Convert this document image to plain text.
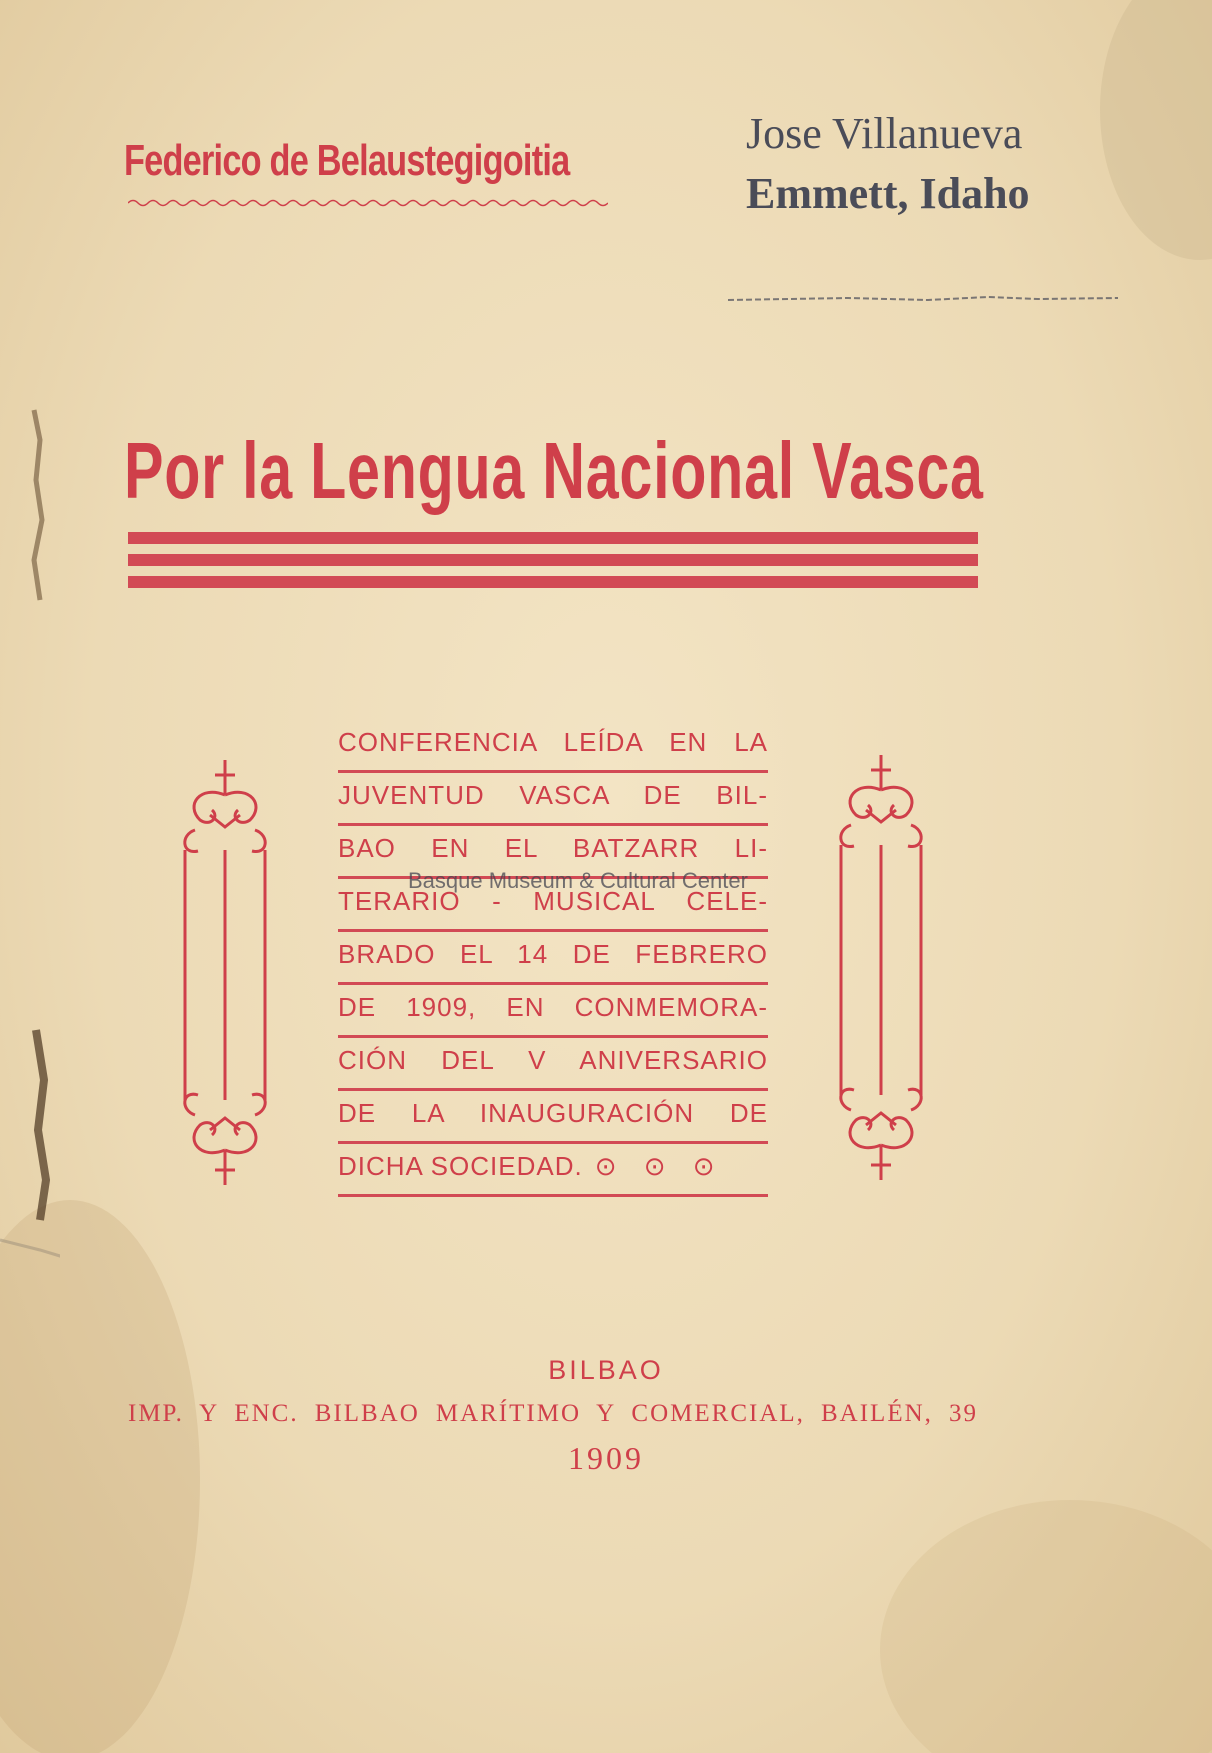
Federico de Belaustegigoitia
Jose Villanueva
Emmett, Idaho
Por la Lengua Nacional Vasca
CONFERENCIA LEÍDA EN LA
JUVENTUD VASCA DE BIL-
BAO EN EL BATZARR LI-
TERARIO - MUSICAL CELE-
BRADO EL 14 DE FEBRERO
DE 1909, EN CONMEMORA-
CIÓN DEL V ANIVERSARIO
DE LA INAUGURACIÓN DE
DICHA SOCIEDAD. ⊙ ⊙ ⊙
Basque Museum & Cultural Center
BILBAO
IMP. Y ENC. BILBAO MARÍTIMO Y COMERCIAL, BAILÉN, 39
1909
